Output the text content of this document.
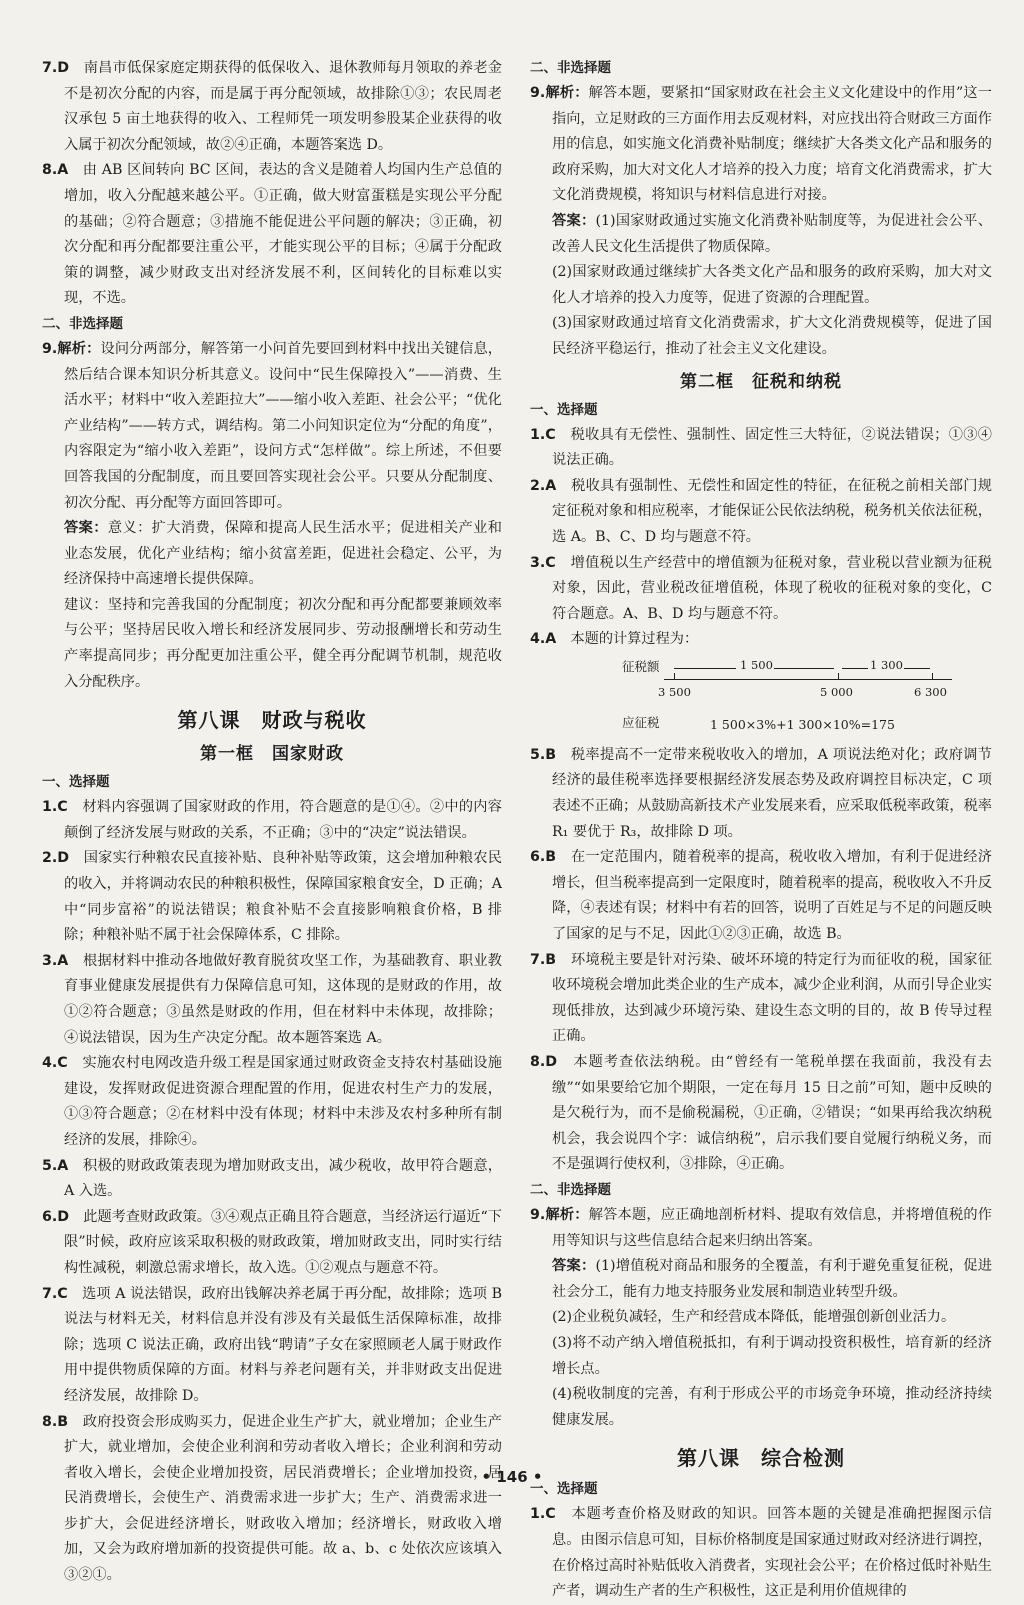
7.D　 南昌市低保家庭定期获得的低保收入、退休教师每月领取的养老金不是初次分配的内容，而是属于再分配领域，故排除①③；农民周老汉承包 5 亩土地获得的收入、工程师凭一项发明参股某企业获得的收入属于初次分配领域，故②④正确，本题答案选 D。

8.A　 由 AB 区间转向 BC 区间，表达的含义是随着人均国内生产总值的增加，收入分配越来越公平。①正确，做大财富蛋糕是实现公平分配的基础；②符合题意；③措施不能促进公平问题的解决；③正确，初次分配和再分配都要注重公平，才能实现公平的目标；④属于分配政策的调整，减少财政支出对经济发展不利，区间转化的目标难以实现，不选。

二、非选择题

9.解析：设问分两部分，解答第一小问首先要回到材料中找出关键信息，然后结合课本知识分析其意义。设问中“民生保障投入”——消费、生活水平；材料中“收入差距拉大”——缩小收入差距、社会公平；“优化产业结构”——转方式，调结构。第二小问知识定位为“分配的角度”，内容限定为“缩小收入差距”，设问方式“怎样做”。综上所述，不但要回答我国的分配制度，而且要回答实现社会公平。只要从分配制度、初次分配、再分配等方面回答即可。

答案：意义：扩大消费，保障和提高人民生活水平；促进相关产业和业态发展，优化产业结构；缩小贫富差距，促进社会稳定、公平，为经济保持中高速增长提供保障。

建议：坚持和完善我国的分配制度；初次分配和再分配都要兼顾效率与公平；坚持居民收入增长和经济发展同步、劳动报酬增长和劳动生产率提高同步；再分配更加注重公平，健全再分配调节机制，规范收入分配秩序。

第八课　财政与税收
第一框　国家财政

一、选择题

1.C　 材料内容强调了国家财政的作用，符合题意的是①④。②中的内容颠倒了经济发展与财政的关系，不正确；③中的“决定”说法错误。

2.D　 国家实行种粮农民直接补贴、良种补贴等政策，这会增加种粮农民的收入，并将调动农民的种粮积极性，保障国家粮食安全，D 正确；A 中“同步富裕”的说法错误；粮食补贴不会直接影响粮食价格，B 排除；种粮补贴不属于社会保障体系，C 排除。

3.A　 根据材料中推动各地做好教育脱贫攻坚工作，为基础教育、职业教育事业健康发展提供有力保障信息可知，这体现的是财政的作用，故①②符合题意；③虽然是财政的作用，但在材料中未体现，故排除；④说法错误，因为生产决定分配。故本题答案选 A。

4.C　 实施农村电网改造升级工程是国家通过财政资金支持农村基础设施建设，发挥财政促进资源合理配置的作用，促进农村生产力的发展，①③符合题意；②在材料中没有体现；材料中未涉及农村多种所有制经济的发展，排除④。

5.A　 积极的财政政策表现为增加财政支出，减少税收，故甲符合题意，A 入选。

6.D　 此题考查财政政策。③④观点正确且符合题意，当经济运行逼近“下限”时候，政府应该采取积极的财政政策，增加财政支出，同时实行结构性减税，刺激总需求增长，故入选。①②观点与题意不符。

7.C　 选项 A 说法错误，政府出钱解决养老属于再分配，故排除；选项 B 说法与材料无关，材料信息并没有涉及有关最低生活保障标准，故排除；选项 C 说法正确，政府出钱“聘请”子女在家照顾老人属于财政作用中提供物质保障的方面。材料与养老问题有关，并非财政支出促进经济发展，故排除 D。

8.B　 政府投资会形成购买力，促进企业生产扩大，就业增加；企业生产扩大，就业增加，会使企业利润和劳动者收入增长；企业利润和劳动者收入增长，会使企业增加投资，居民消费增长；企业增加投资，居民消费增长，会使生产、消费需求进一步扩大；生产、消费需求进一步扩大，会促进经济增长，财政收入增加；经济增长，财政收入增加，又会为政府增加新的投资提供可能。故 a、b、c 处依次应该填入③②①。

二、非选择题

9.解析：解答本题，要紧扣“国家财政在社会主义文化建设中的作用”这一指向，立足财政的三方面作用去反观材料，对应找出符合财政三方面作用的信息，如实施文化消费补贴制度；继续扩大各类文化产品和服务的政府采购，加大对文化人才培养的投入力度；培育文化消费需求，扩大文化消费规模，将知识与材料信息进行对接。

答案：(1)国家财政通过实施文化消费补贴制度等，为促进社会公平、改善人民文化生活提供了物质保障。

(2)国家财政通过继续扩大各类文化产品和服务的政府采购，加大对文化人才培养的投入力度等，促进了资源的合理配置。

(3)国家财政通过培育文化消费需求，扩大文化消费规模等，促进了国民经济平稳运行，推动了社会主义文化建设。

第二框　征税和纳税

一、选择题

1.C　 税收具有无偿性、强制性、固定性三大特征，②说法错误；①③④说法正确。

2.A　 税收具有强制性、无偿性和固定性的特征，在征税之前相关部门规定征税对象和相应税率，才能保证公民依法纳税，税务机关依法征税，选 A。B、C、D 均与题意不符。

3.C　 增值税以生产经营中的增值额为征税对象，营业税以营业额为征税对象，因此，营业税改征增值税，体现了税收的征税对象的变化，C 符合题意。A、B、D 均与题意不符。

4.A　 本题的计算过程为：

征税额	1 500	1 300
3 500	5 000	6 300
应征税	1 500×3%+1 300×10%=175

5.B　 税率提高不一定带来税收收入的增加，A 项说法绝对化；政府调节经济的最佳税率选择要根据经济发展态势及政府调控目标决定，C 项表述不正确；从鼓励高新技术产业发展来看，应采取低税率政策，税率 R₁ 要优于 R₃，故排除 D 项。

6.B　 在一定范围内，随着税率的提高，税收收入增加，有利于促进经济增长，但当税率提高到一定限度时，随着税率的提高，税收收入不升反降，④表述有误；材料中有若的回答，说明了百姓足与不足的问题反映了国家的足与不足，因此①②③正确，故选 B。

7.B　 环境税主要是针对污染、破坏环境的特定行为而征收的税，国家征收环境税会增加此类企业的生产成本，减少企业利润，从而引导企业实现低排放，达到减少环境污染、建设生态文明的目的，故 B 传导过程正确。

8.D　 本题考查依法纳税。由“曾经有一笔税单摆在我面前，我没有去缴”“如果要给它加个期限，一定在每月 15 日之前”可知，题中反映的是欠税行为，而不是偷税漏税，①正确，②错误；“如果再给我次纳税机会，我会说四个字：诚信纳税”，启示我们要自觉履行纳税义务，而不是强调行使权利，③排除，④正确。

二、非选择题

9.解析：解答本题，应正确地剖析材料、提取有效信息，并将增值税的作用等知识与这些信息结合起来归纳出答案。

答案：(1)增值税对商品和服务的全覆盖，有利于避免重复征税，促进社会分工，能有力地支持服务业发展和制造业转型升级。

(2)企业税负减轻，生产和经营成本降低，能增强创新创业活力。

(3)将不动产纳入增值税抵扣，有利于调动投资积极性，培育新的经济增长点。

(4)税收制度的完善，有利于形成公平的市场竞争环境，推动经济持续健康发展。

第八课　综合检测

一、选择题

1.C　 本题考查价格及财政的知识。回答本题的关键是准确把握图示信息。由图示信息可知，目标价格制度是国家通过财政对经济进行调控，在价格过高时补贴低收入消费者，实现社会公平；在价格过低时补贴生产者，调动生产者的生产积极性，这正是利用价值规律的

• 146 •
